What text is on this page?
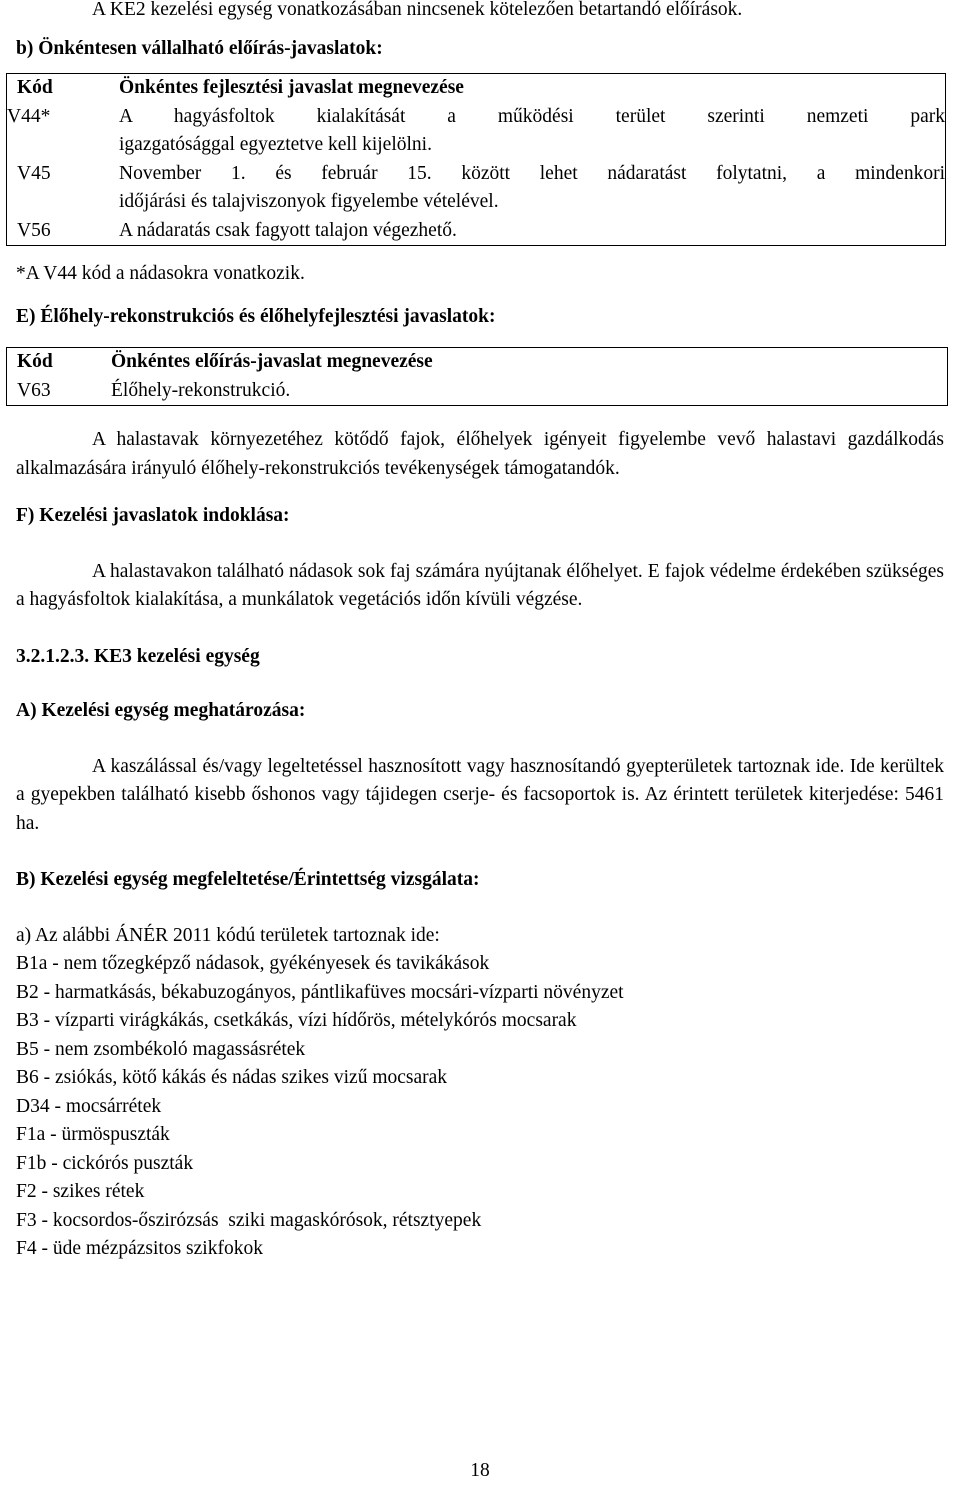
A KE2 kezelési egység vonatkozásában nincsenek kötelezően betartandó előírások.

b) Önkéntesen vállalható előírás-javaslatok:

Kód	Önkéntes fejlesztési javaslat megnevezése
V44*	A hagyásfoltok kialakítását a működési terület szerinti nemzeti park
igazgatósággal egyeztetve kell kijelölni.
V45	November 1. és február 15. között lehet nádaratást folytatni, a mindenkori
időjárási és talajviszonyok figyelembe vételével.
V56	A nádaratás csak fagyott talajon végezhető.

*A V44 kód a nádasokra vonatkozik.

E) Élőhely-rekonstrukciós és élőhelyfejlesztési javaslatok:

Kód	Önkéntes előírás-javaslat megnevezése
V63	Élőhely-rekonstrukció.

A halastavak környezetéhez kötődő fajok, élőhelyek igényeit figyelembe vevő halastavi gazdálkodás alkalmazására irányuló élőhely-rekonstrukciós tevékenységek támogatandók.

F) Kezelési javaslatok indoklása:

A halastavakon található nádasok sok faj számára nyújtanak élőhelyet. E fajok védelme érdekében szükséges a hagyásfoltok kialakítása, a munkálatok vegetációs időn kívüli végzése.

3.2.1.2.3. KE3 kezelési egység

A) Kezelési egység meghatározása:

A kaszálással és/vagy legeltetéssel hasznosított vagy hasznosítandó gyepterületek tartoznak ide. Ide kerültek a gyepekben található kisebb őshonos vagy tájidegen cserje- és facsoportok is. Az érintett területek kiterjedése: 5461 ha.

B) Kezelési egység megfeleltetése/Érintettség vizsgálata:

a) Az alábbi ÁNÉR 2011 kódú területek tartoznak ide:

B1a - nem tőzegképző nádasok, gyékényesek és tavikákások

B2 - harmatkásás, békabuzogányos, pántlikafüves mocsári-vízparti növényzet

B3 - vízparti virágkákás, csetkákás, vízi hídőrös, mételykórós mocsarak

B5 - nem zsombékoló magassásrétek

B6 - zsiókás, kötő kákás és nádas szikes vizű mocsarak

D34 - mocsárrétek

F1a - ürmöspuszták

F1b - cickórós puszták

F2 - szikes rétek

F3 - kocsordos-őszirózsás  sziki magaskórósok, rétsztyepek

F4 - üde mézpázsitos szikfokok

18
